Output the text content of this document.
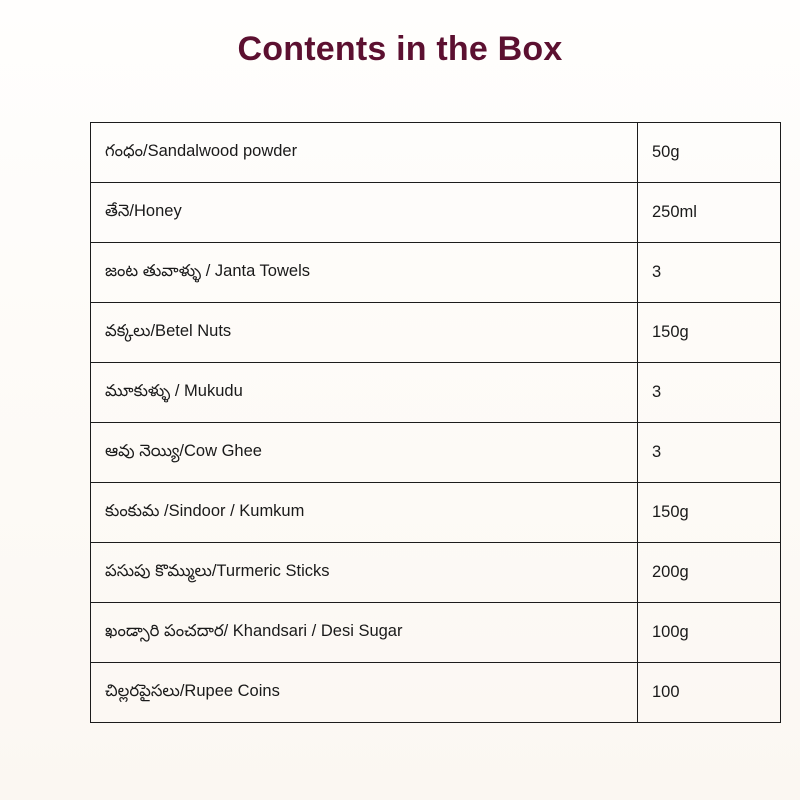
Contents in the Box
గంధం/Sandalwood powder	50g
తేనె/Honey	250ml
జంట తువాళ్ళు / Janta Towels	3
వక్కలు/Betel Nuts	150g
మూకుళ్ళు / Mukudu	3
ఆవు నెయ్యి/Cow Ghee	3
కుంకుమ /Sindoor / Kumkum	150g
పసుపు కొమ్ములు/Turmeric Sticks	200g
ఖండ్సారి పంచదార/ Khandsari / Desi Sugar	100g
చిల్లరపైసలు/Rupee Coins	100
